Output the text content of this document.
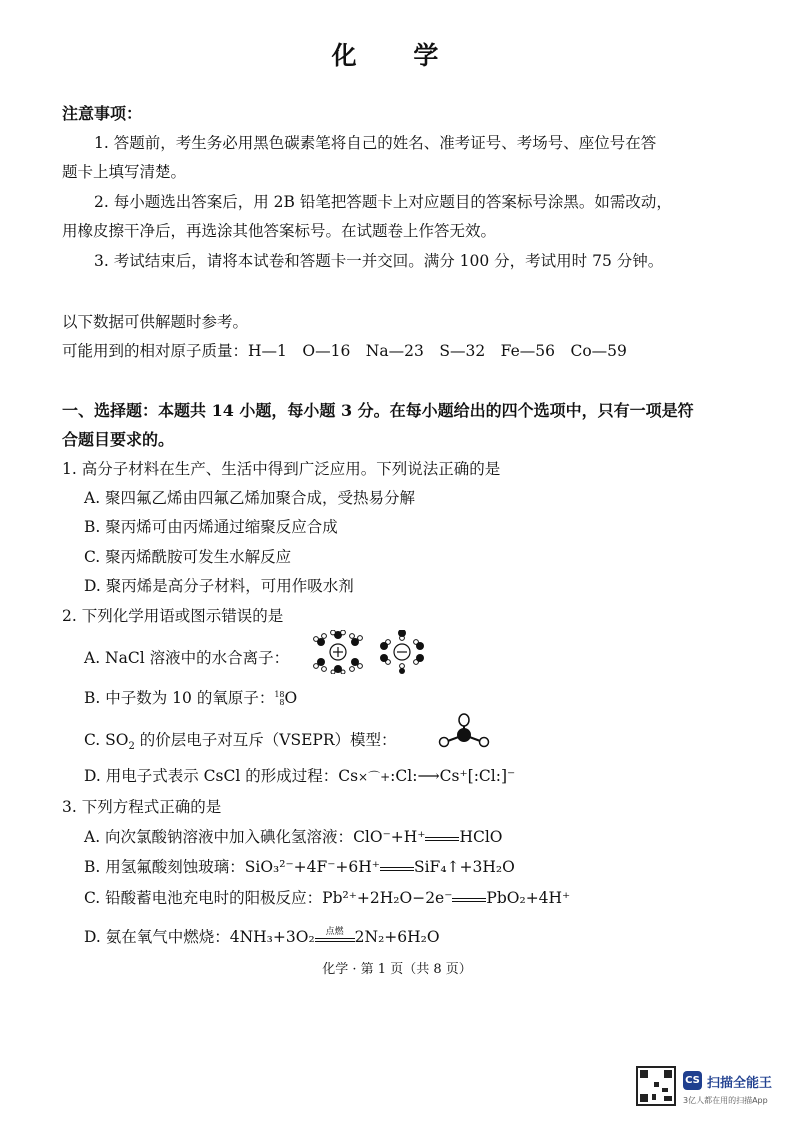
化 学
注意事项：
1. 答题前，考生务必用黑色碳素笔将自己的姓名、准考证号、考场号、座位号在答
题卡上填写清楚。
2. 每小题选出答案后，用 2B 铅笔把答题卡上对应题目的答案标号涂黑。如需改动，
用橡皮擦干净后，再选涂其他答案标号。在试题卷上作答无效。
3. 考试结束后，请将本试卷和答题卡一并交回。满分 100 分，考试用时 75 分钟。
以下数据可供解题时参考。
可能用到的相对原子质量：H—1　O—16　Na—23　S—32　Fe—56　Co—59
一、选择题：本题共 14 小题，每小题 3 分。在每小题给出的四个选项中，只有一项是符
合题目要求的。
1. 高分子材料在生产、生活中得到广泛应用。下列说法正确的是
A. 聚四氟乙烯由四氟乙烯加聚合成，受热易分解
B. 聚丙烯可由丙烯通过缩聚反应合成
C. 聚丙烯酰胺可发生水解反应
D. 聚丙烯是高分子材料，可用作吸水剂
2. 下列化学用语或图示错误的是
A. NaCl 溶液中的水合离子：
B. 中子数为 10 的氧原子：18
8O
C. $SO_2$ 的价层电子对互斥（VSEPR）模型：
D. 用电子式表示 CsCl 的形成过程：Cs×⌒+:Cl:⟶Cs⁺[:Cl:]⁻
3. 下列方程式正确的是
A. 向次氯酸钠溶液中加入碘化氢溶液：ClO⁻+H⁺ HClO
B. 用氢氟酸刻蚀玻璃：SiO₃²⁻+4F⁻+6H⁺ SiF₄↑+3H₂O
C. 铅酸蓄电池充电时的阳极反应：Pb²⁺+2H₂O−2e⁻ PbO₂+4H⁺
D. 氨在氧气中燃烧：4NH₃+3O₂	点燃 2N₂+6H₂O
化学 · 第 1 页（共 8 页）
CS 扫描全能王
3亿人都在用的扫描App
